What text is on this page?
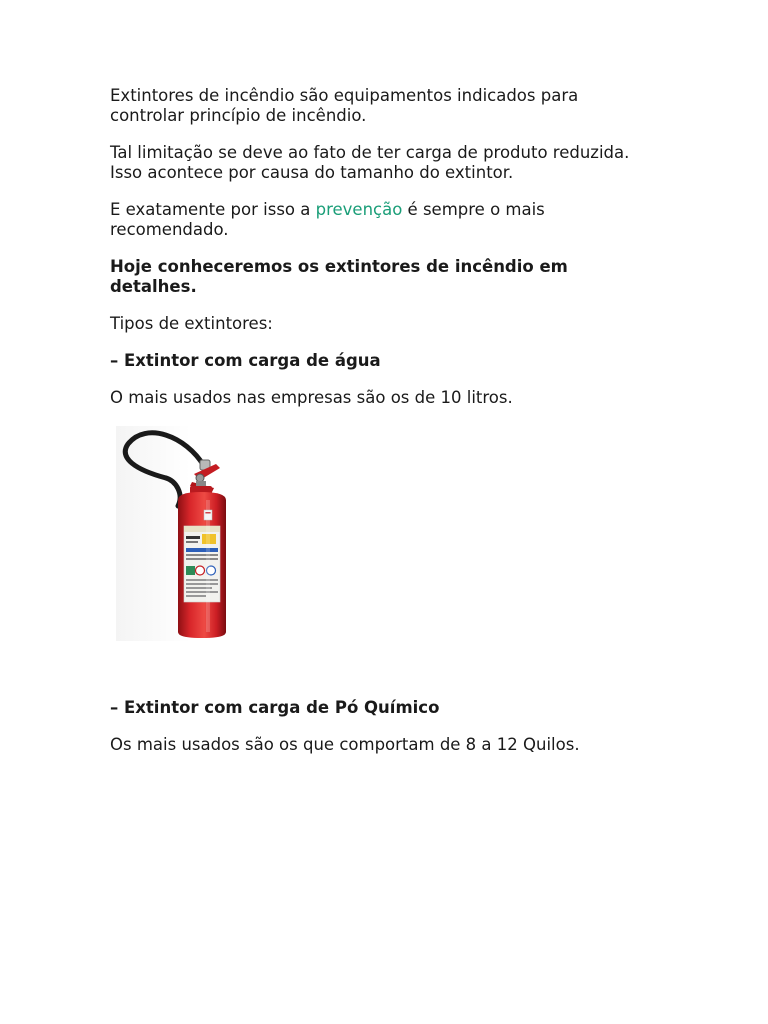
Extintores de incêndio são equipamentos indicados para controlar princípio de incêndio.

Tal limitação se deve ao fato de ter carga de produto reduzida. Isso acontece por causa do tamanho do extintor.

E exatamente por isso a prevenção é sempre o mais recomendado.

Hoje conheceremos os extintores de incêndio em detalhes.

Tipos de extintores:

– Extintor com carga de água

O mais usados nas empresas são os de 10 litros.

– Extintor com carga de Pó Químico

Os mais usados são os que comportam de 8 a 12 Quilos.
